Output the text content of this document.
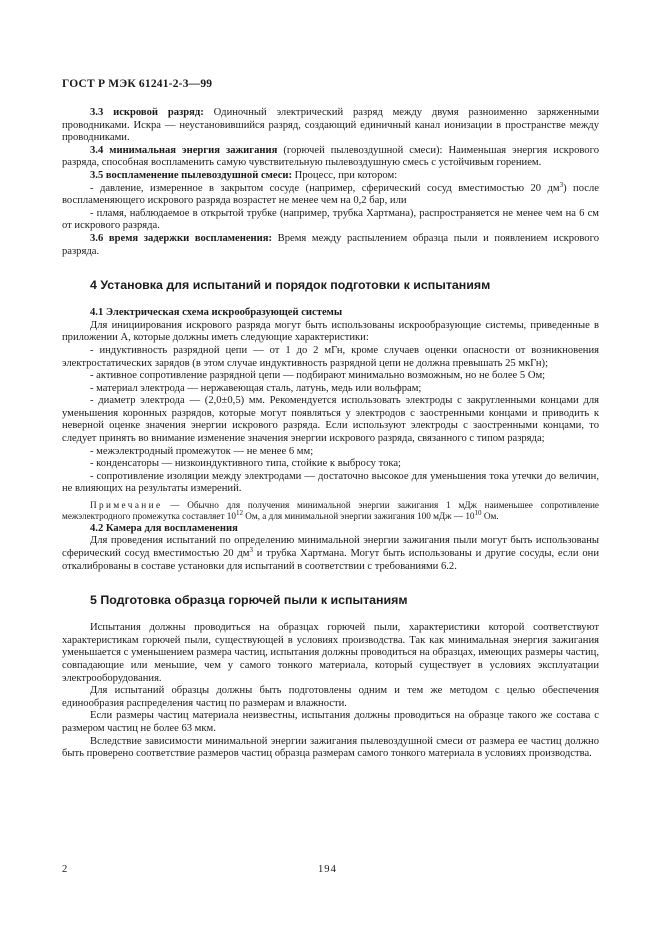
ГОСТ Р МЭК 61241-2-3—99

3.3 искровой разряд: Одиночный электрический разряд между двумя разноименно заряженными проводниками. Искра — неустановившийся разряд, создающий единичный канал ионизации в пространстве между проводниками.

3.4 минимальная энергия зажигания (горючей пылевоздушной смеси): Наименьшая энергия искрового разряда, способная воспламенить самую чувствительную пылевоздушную смесь с устойчивым горением.

3.5 воспламенение пылевоздушной смеси: Процесс, при котором:

- давление, измеренное в закрытом сосуде (например, сферический сосуд вместимостью 20 $дм^3$) после воспламеняющего искрового разряда возрастет не менее чем на 0,2 бар, или

- пламя, наблюдаемое в открытой трубке (например, трубка Хартмана), распространяется не менее чем на 6 см от искрового разряда.

3.6 время задержки воспламенения: Время между распылением образца пыли и появлением искрового разряда.

4 Установка для испытаний и порядок подготовки к испытаниям

4.1 Электрическая схема искрообразующей системы

Для инициирования искрового разряда могут быть использованы искрообразующие системы, приведенные в приложении А, которые должны иметь следующие характеристики:

- индуктивность разрядной цепи — от 1 до 2 мГн, кроме случаев оценки опасности от возникновения электростатических зарядов (в этом случае индуктивность разрядной цепи не должна превышать 25 мкГн);

- активное сопротивление разрядной цепи — подбирают минимально возможным, но не более 5 Ом;

- материал электрода — нержавеющая сталь, латунь, медь или вольфрам;

- диаметр электрода — (2,0±0,5) мм. Рекомендуется использовать электроды с закругленными концами для уменьшения коронных разрядов, которые могут появляться у электродов с заостренными концами и приводить к неверной оценке значения энергии искрового разряда. Если используют электроды с заостренными концами, то следует принять во внимание изменение значения энергии искрового разряда, связанного с типом разряда;

- межэлектродный промежуток — не менее 6 мм;

- конденсаторы — низкоиндуктивного типа, стойкие к выбросу тока;

- сопротивление изоляции между электродами — достаточно высокое для уменьшения тока утечки до величин, не влияющих на результаты измерений.

Примечание — Обычно для получения минимальной энергии зажигания 1 мДж наименьшее сопротивление межэлектродного промежутка составляет $10^{12}$ Ом, а для минимальной энергии зажигания 100 мДж — $10^{10}$ Ом.

4.2 Камера для воспламенения

Для проведения испытаний по определению минимальной энергии зажигания пыли могут быть использованы сферический сосуд вместимостью 20 $дм^3$ и трубка Хартмана. Могут быть использованы и другие сосуды, если они откалиброваны в составе установки для испытаний в соответствии с требованиями 6.2.

5 Подготовка образца горючей пыли к испытаниям

Испытания должны проводиться на образцах горючей пыли, характеристики которой соответствуют характеристикам горючей пыли, существующей в условиях производства. Так как минимальная энергия зажигания уменьшается с уменьшением размера частиц, испытания должны проводиться на образцах, имеющих размеры частиц, совпадающие или меньшие, чем у самого тонкого материала, который существует в условиях эксплуатации электрооборудования.

Для испытаний образцы должны быть подготовлены одним и тем же методом с целью обеспечения единообразия распределения частиц по размерам и влажности.

Если размеры частиц материала неизвестны, испытания должны проводиться на образце такого же состава с размером частиц не более 63 мкм.

Вследствие зависимости минимальной энергии зажигания пылевоздушной смеси от размера ее частиц должно быть проверено соответствие размеров частиц образца размерам самого тонкого материала в условиях производства.

2	194
